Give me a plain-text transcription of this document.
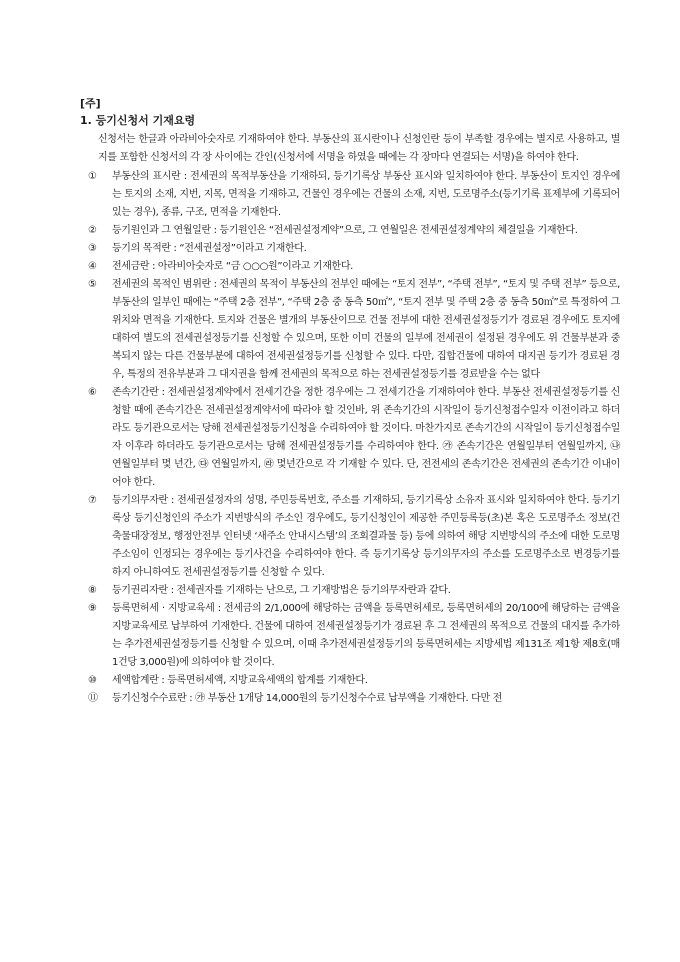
[주]

1. 등기신청서 기재요령

신청서는 한글과 아라비아숫자로 기재하여야 한다. 부동산의 표시란이나 신청인란 등이 부족할 경우에는 별지로 사용하고, 별지를 포함한 신청서의 각 장 사이에는 간인(신청서에 서명을 하였을 때에는 각 장마다 연결되는 서명)을 하여야 한다.

①	부동산의 표시란 : 전세권의 목적부동산을 기재하되, 등기기록상 부동산 표시와 일치하여야 한다. 부동산이 토지인 경우에는 토지의 소재, 지번, 지목, 면적을 기재하고, 건물인 경우에는 건물의 소재, 지번, 도로명주소(등기기록 표제부에 기록되어 있는 경우), 종류, 구조, 면적을 기재한다.
②	등기원인과 그 연월일란 : 등기원인은 “전세권설정계약”으로, 그 연월일은 전세권설정계약의 체결일을 기재한다.
③	등기의 목적란 : “전세권설정”이라고 기재한다.
④	전세금란 : 아라비아숫자로 “금 ○○○원”이라고 기재한다.
⑤	전세권의 목적인 범위란 : 전세권의 목적이 부동산의 전부인 때에는 “토지 전부”, “주택 전부”, “토지 및 주택 전부” 등으로, 부동산의 일부인 때에는 “주택 2층 전부”, “주택 2층 중 동측 50㎡”, “토지 전부 및 주택 2층 중 동측 50㎡”로 특정하여 그 위치와 면적을 기재한다. 토지와 건물은 별개의 부동산이므로 건물 전부에 대한 전세권설정등기가 경료된 경우에도 토지에 대하여 별도의 전세권설정등기를 신청할 수 있으며, 또한 이미 건물의 일부에 전세권이 설정된 경우에도 위 건물부분과 중복되지 않는 다른 건물부분에 대하여 전세권설정등기를 신청할 수 있다. 다만, 집합건물에 대하여 대지권 등기가 경료된 경우, 특정의 전유부분과 그 대지권을 함께 전세권의 목적으로 하는 전세권설정등기를 경료받을 수는 없다
⑥	존속기간란 : 전세권설정계약에서 전세기간을 정한 경우에는 그 전세기간을 기재하여야 한다. 부동산 전세권설정등기를 신청할 때에 존속기간은 전세권설정계약서에 따라야 할 것인바, 위 존속기간의 시작일이 등기신청접수일자 이전이라고 하더라도 등기관으로서는 당해 전세권설정등기신청을 수리하여야 할 것이다. 마찬가지로 존속기간의 시작일이 등기신청접수일자 이후라 하더라도 등기관으로서는 당해 전세권설정등기를 수리하여야 한다. ㉮ 존속기간은 연월일부터 연월일까지, ㉯ 연월일부터 몇 년간, ㉰ 연월일까지, ㉱ 몇년간으로 각 기재할 수 있다. 단, 전전세의 존속기간은 전세권의 존속기간 이내이어야 한다.
⑦	등기의무자란 : 전세권설정자의 성명, 주민등록번호, 주소를 기재하되, 등기기록상 소유자 표시와 일치하여야 한다. 등기기록상 등기신청인의 주소가 지번방식의 주소인 경우에도, 등기신청인이 제공한 주민등록등(초)본 혹은 도로명주소 정보(건축물대장정보, 행정안전부 인터넷 ‘새주소 안내시스템’의 조회결과물 등) 등에 의하여 해당 지번방식의 주소에 대한 도로명주소임이 인정되는 경우에는 등기사건을 수리하여야 한다. 즉 등기기록상 등기의무자의 주소를 도로명주소로 변경등기를 하지 아니하여도 전세권설정등기를 신청할 수 있다.
⑧	등기권리자란 : 전세권자를 기재하는 난으로, 그 기재방법은 등기의무자란과 같다.
⑨	등록면허세 · 지방교육세 : 전세금의 2/1,000에 해당하는 금액을 등록면허세로, 등록면허세의 20/100에 해당하는 금액을 지방교육세로 납부하여 기재한다. 건물에 대하여 전세권설정등기가 경료된 후 그 전세권의 목적으로 건물의 대지를 추가하는 추가전세권설정등기를 신청할 수 있으며, 이때 추가전세권설정등기의 등록면허세는 지방세법 제131조 제1항 제8호(매 1건당 3,000원)에 의하여야 할 것이다.
⑩	세액합계란 : 등록면허세액, 지방교육세액의 합계를 기재한다.
⑪	등기신청수수료란 : ㉮ 부동산 1개당 14,000원의 등기신청수수료 납부액을 기재한다. 다만 전
